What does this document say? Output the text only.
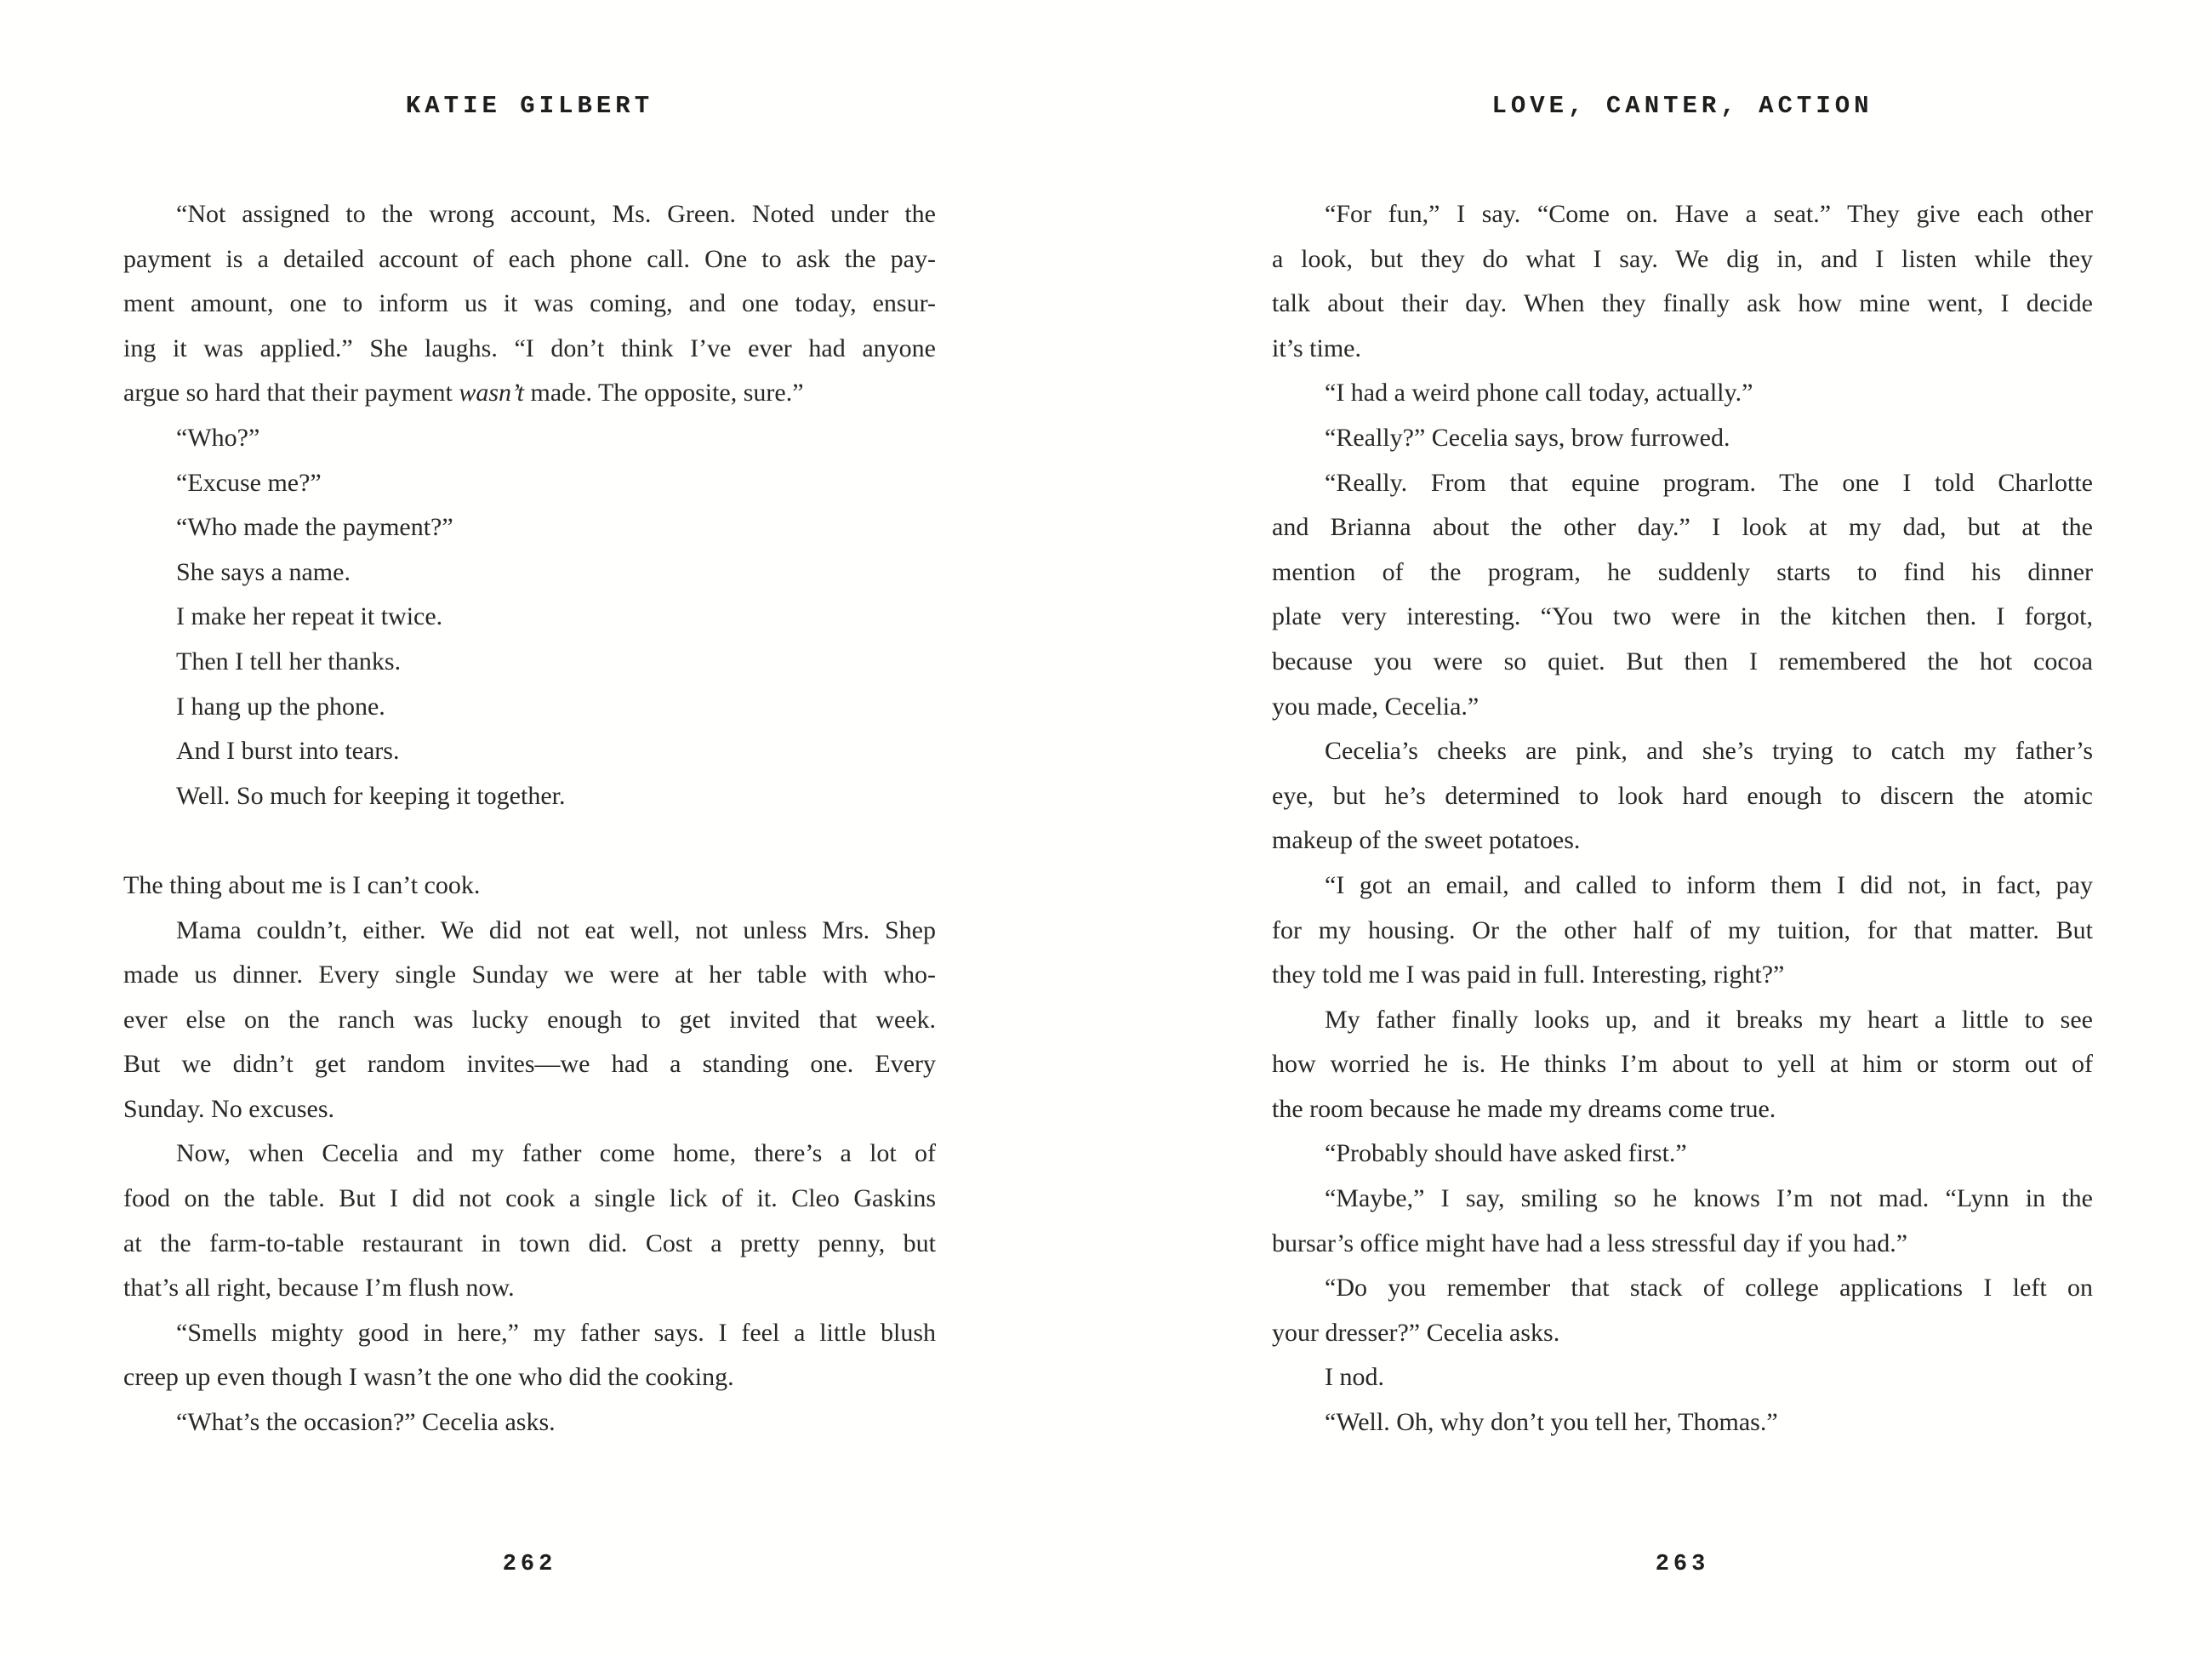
KATIE GILBERT
“Not assigned to the wrong account, Ms. Green. Noted under the
payment is a detailed account of each phone call. One to ask the pay-
ment amount, one to inform us it was coming, and one today, ensur-
ing it was applied.” She laughs. “I don’t think I’ve ever had anyone
argue so hard that their payment wasn’t made. The opposite, sure.”
“Who?”
“Excuse me?”
“Who made the payment?”
She says a name.
I make her repeat it twice.
Then I tell her thanks.
I hang up the phone.
And I burst into tears.
Well. So much for keeping it together.
The thing about me is I can’t cook.
Mama couldn’t, either. We did not eat well, not unless Mrs. Shep
made us dinner. Every single Sunday we were at her table with who-
ever else on the ranch was lucky enough to get invited that week.
But we didn’t get random invites—we had a standing one. Every
Sunday. No excuses.
Now, when Cecelia and my father come home, there’s a lot of
food on the table. But I did not cook a single lick of it. Cleo Gaskins
at the farm-to-table restaurant in town did. Cost a pretty penny, but
that’s all right, because I’m flush now.
“Smells mighty good in here,” my father says. I feel a little blush
creep up even though I wasn’t the one who did the cooking.
“What’s the occasion?” Cecelia asks.
262
LOVE, CANTER, ACTION
“For fun,” I say. “Come on. Have a seat.” They give each other
a look, but they do what I say. We dig in, and I listen while they
talk about their day. When they finally ask how mine went, I decide
it’s time.
“I had a weird phone call today, actually.”
“Really?” Cecelia says, brow furrowed.
“Really. From that equine program. The one I told Charlotte
and Brianna about the other day.” I look at my dad, but at the
mention of the program, he suddenly starts to find his dinner
plate very interesting. “You two were in the kitchen then. I forgot,
because you were so quiet. But then I remembered the hot cocoa
you made, Cecelia.”
Cecelia’s cheeks are pink, and she’s trying to catch my father’s
eye, but he’s determined to look hard enough to discern the atomic
makeup of the sweet potatoes.
“I got an email, and called to inform them I did not, in fact, pay
for my housing. Or the other half of my tuition, for that matter. But
they told me I was paid in full. Interesting, right?”
My father finally looks up, and it breaks my heart a little to see
how worried he is. He thinks I’m about to yell at him or storm out of
the room because he made my dreams come true.
“Probably should have asked first.”
“Maybe,” I say, smiling so he knows I’m not mad. “Lynn in the
bursar’s office might have had a less stressful day if you had.”
“Do you remember that stack of college applications I left on
your dresser?” Cecelia asks.
I nod.
“Well. Oh, why don’t you tell her, Thomas.”
263
